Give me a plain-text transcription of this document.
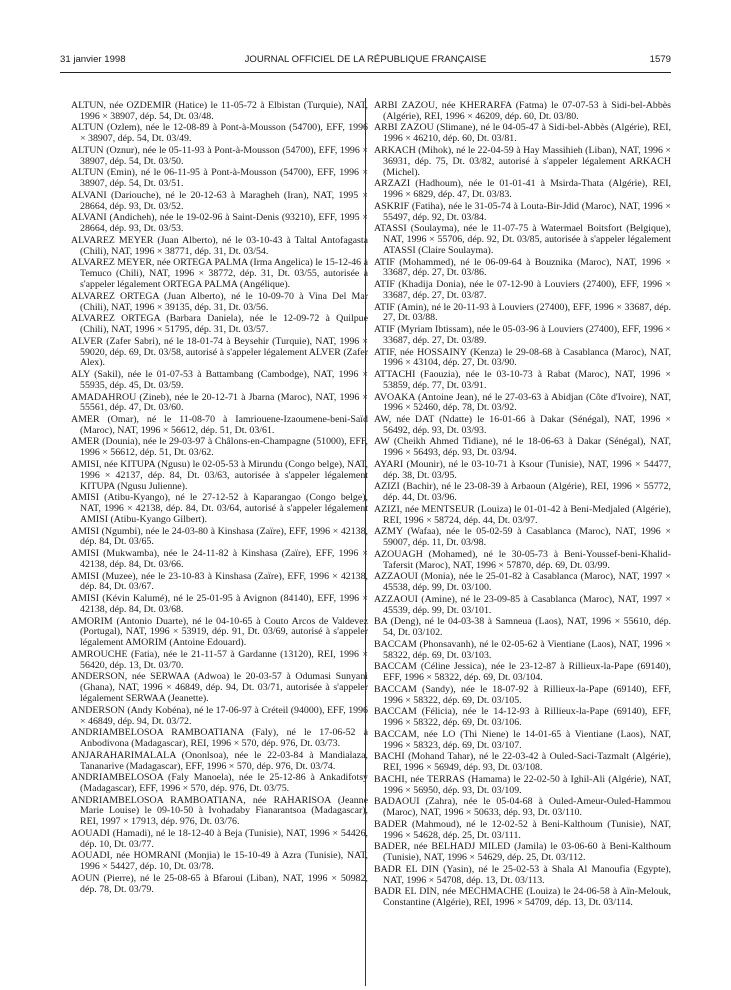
31 janvier 1998	JOURNAL OFFICIEL DE LA RÉPUBLIQUE FRANÇAISE	1579

ALTUN, née OZDEMIR (Hatice) le 11-05-72 à Elbistan (Turquie), NAT, 1996 × 38907, dép. 54, Dt. 03/48.

ALTUN (Ozlem), née le 12-08-89 à Pont-à-Mousson (54700), EFF, 1996 × 38907, dép. 54, Dt. 03/49.

ALTUN (Oznur), née le 05-11-93 à Pont-à-Mousson (54700), EFF, 1996 × 38907, dép. 54, Dt. 03/50.

ALTUN (Emin), né le 06-11-95 à Pont-à-Mousson (54700), EFF, 1996 × 38907, dép. 54, Dt. 03/51.

ALVANI (Dariouche), né le 20-12-63 à Maragheh (Iran), NAT, 1995 × 28664, dép. 93, Dt. 03/52.

ALVANI (Andicheh), née le 19-02-96 à Saint-Denis (93210), EFF, 1995 × 28664, dép. 93, Dt. 03/53.

ALVAREZ MEYER (Juan Alberto), né le 03-10-43 à Taltal Antofagasta (Chili), NAT, 1996 × 38771, dép. 31, Dt. 03/54.

ALVAREZ MEYER, née ORTEGA PALMA (Irma Angelica) le 15-12-46 à Temuco (Chili), NAT, 1996 × 38772, dép. 31, Dt. 03/55, autorisée à s'appeler légalement ORTEGA PALMA (Angélique).

ALVAREZ ORTEGA (Juan Alberto), né le 10-09-70 à Vina Del Mar (Chili), NAT, 1996 × 39135, dép. 31, Dt. 03/56.

ALVAREZ ORTEGA (Barbara Daniela), née le 12-09-72 à Quilpue (Chili), NAT, 1996 × 51795, dép. 31, Dt. 03/57.

ALVER (Zafer Sabri), né le 18-01-74 à Beysehir (Turquie), NAT, 1996 × 59020, dép. 69, Dt. 03/58, autorisé à s'appeler légalement ALVER (Zafer Alex).

ALY (Sakil), née le 01-07-53 à Battambang (Cambodge), NAT, 1996 × 55935, dép. 45, Dt. 03/59.

AMADAHROU (Zineb), née le 20-12-71 à Jbarna (Maroc), NAT, 1996 × 55561, dép. 47, Dt. 03/60.

AMER (Omar), né le 11-08-70 à Iamriouene-Izaoumene-beni-Saïd (Maroc), NAT, 1996 × 56612, dép. 51, Dt. 03/61.

AMER (Dounia), née le 29-03-97 à Châlons-en-Champagne (51000), EFF, 1996 × 56612, dép. 51, Dt. 03/62.

AMISI, née KITUPA (Ngusu) le 02-05-53 à Mirundu (Congo belge), NAT, 1996 × 42137, dép. 84, Dt. 03/63, autorisée à s'appeler légalement KITUPA (Ngusu Julienne).

AMISI (Atibu-Kyango), né le 27-12-52 à Kaparangao (Congo belge), NAT, 1996 × 42138, dép. 84, Dt. 03/64, autorisé à s'appeler légalement AMISI (Atibu-Kyango Gilbert).

AMISI (Ngumbi), née le 24-03-80 à Kinshasa (Zaïre), EFF, 1996 × 42138, dép. 84, Dt. 03/65.

AMISI (Mukwamba), née le 24-11-82 à Kinshasa (Zaïre), EFF, 1996 × 42138, dép. 84, Dt. 03/66.

AMISI (Muzee), née le 23-10-83 à Kinshasa (Zaïre), EFF, 1996 × 42138, dép. 84, Dt. 03/67.

AMISI (Kévin Kalumé), né le 25-01-95 à Avignon (84140), EFF, 1996 × 42138, dép. 84, Dt. 03/68.

AMORIM (Antonio Duarte), né le 04-10-65 à Couto Arcos de Valdevez (Portugal), NAT, 1996 × 53919, dép. 91, Dt. 03/69, autorisé à s'appeler légalement AMORIM (Antoine Edouard).

AMROUCHE (Fatia), née le 21-11-57 à Gardanne (13120), REI, 1996 × 56420, dép. 13, Dt. 03/70.

ANDERSON, née SERWAA (Adwoa) le 20-03-57 à Odumasi Sunyani (Ghana), NAT, 1996 × 46849, dép. 94, Dt. 03/71, autorisée à s'appeler légalement SERWAA (Jeanette).

ANDERSON (Andy Kobéna), né le 17-06-97 à Créteil (94000), EFF, 1996 × 46849, dép. 94, Dt. 03/72.

ANDRIAMBELOSOA RAMBOATIANA (Faly), né le 17-06-52 à Anbodivona (Madagascar), REI, 1996 × 570, dép. 976, Dt. 03/73.

ANJARAHARIMALALA (Ononlsoa), née le 22-03-84 à Mandialaza, Tananarive (Madagascar), EFF, 1996 × 570, dép. 976, Dt. 03/74.

ANDRIAMBELOSOA (Faly Manoela), née le 25-12-86 à Ankadifotsy (Madagascar), EFF, 1996 × 570, dép. 976, Dt. 03/75.

ANDRIAMBELOSOA RAMBOATIANA, née RAHARISOA (Jeanne Marie Louise) le 09-10-50 à Ivohadaby Fianarantsoa (Madagascar), REI, 1997 × 17913, dép. 976, Dt. 03/76.

AOUADI (Hamadi), né le 18-12-40 à Beja (Tunisie), NAT, 1996 × 54426, dép. 10, Dt. 03/77.

AOUADI, née HOMRANI (Monjia) le 15-10-49 à Azra (Tunisie), NAT, 1996 × 54427, dép. 10, Dt. 03/78.

AOUN (Pierre), né le 25-08-65 à Bfaroui (Liban), NAT, 1996 × 50982, dép. 78, Dt. 03/79.

ARBI ZAZOU, née KHERARFA (Fatma) le 07-07-53 à Sidi-bel-Abbès (Algérie), REI, 1996 × 46209, dép. 60, Dt. 03/80.

ARBI ZAZOU (Slimane), né le 04-05-47 à Sidi-bel-Abbès (Algérie), REI, 1996 × 46210, dép. 60, Dt. 03/81.

ARKACH (Mihok), né le 22-04-59 à Hay Massihieh (Liban), NAT, 1996 × 36931, dép. 75, Dt. 03/82, autorisé à s'appeler légalement ARKACH (Michel).

ARZAZI (Hadhoum), née le 01-01-41 à Msirda-Thata (Algérie), REI, 1996 × 6829, dép. 47, Dt. 03/83.

ASKRIF (Fatiha), née le 31-05-74 à Louta-Bir-Jdid (Maroc), NAT, 1996 × 55497, dép. 92, Dt. 03/84.

ATASSI (Soulayma), née le 11-07-75 à Watermael Boitsfort (Belgique), NAT, 1996 × 55706, dép. 92, Dt. 03/85, autorisée à s'appeler légalement ATASSI (Claire Soulayma).

ATIF (Mohammed), né le 06-09-64 à Bouznika (Maroc), NAT, 1996 × 33687, dép. 27, Dt. 03/86.

ATIF (Khadija Donia), née le 07-12-90 à Louviers (27400), EFF, 1996 × 33687, dép. 27, Dt. 03/87.

ATIF (Amin), né le 20-11-93 à Louviers (27400), EFF, 1996 × 33687, dép. 27, Dt. 03/88.

ATIF (Myriam Ibtissam), née le 05-03-96 à Louviers (27400), EFF, 1996 × 33687, dép. 27, Dt. 03/89.

ATIF, née HOSSAINY (Kenza) le 29-08-68 à Casablanca (Maroc), NAT, 1996 × 43104, dép. 27, Dt. 03/90.

ATTACHI (Faouzia), née le 03-10-73 à Rabat (Maroc), NAT, 1996 × 53859, dép. 77, Dt. 03/91.

AVOAKA (Antoine Jean), né le 27-03-63 à Abidjan (Côte d'Ivoire), NAT, 1996 × 52460, dép. 78, Dt. 03/92.

AW, née DAT (Ndatte) le 16-01-66 à Dakar (Sénégal), NAT, 1996 × 56492, dép. 93, Dt. 03/93.

AW (Cheikh Ahmed Tidiane), né le 18-06-63 à Dakar (Sénégal), NAT, 1996 × 56493, dép. 93, Dt. 03/94.

AYARI (Mounir), né le 03-10-71 à Ksour (Tunisie), NAT, 1996 × 54477, dép. 38, Dt. 03/95.

AZIZI (Bachir), né le 23-08-39 à Arbaoun (Algérie), REI, 1996 × 55772, dép. 44, Dt. 03/96.

AZIZI, née MENTSEUR (Louiza) le 01-01-42 à Beni-Medjaled (Algérie), REI, 1996 × 58724, dép. 44, Dt. 03/97.

AZMY (Wafaa), née le 05-02-59 à Casablanca (Maroc), NAT, 1996 × 59007, dép. 11, Dt. 03/98.

AZOUAGH (Mohamed), né le 30-05-73 à Beni-Youssef-beni-Khalid-Tafersit (Maroc), NAT, 1996 × 57870, dép. 69, Dt. 03/99.

AZZAOUI (Monia), née le 25-01-82 à Casablanca (Maroc), NAT, 1997 × 45538, dép. 99, Dt. 03/100.

AZZAOUI (Amine), né le 23-09-85 à Casablanca (Maroc), NAT, 1997 × 45539, dép. 99, Dt. 03/101.

BA (Deng), né le 04-03-38 à Samneua (Laos), NAT, 1996 × 55610, dép. 54, Dt. 03/102.

BACCAM (Phonsavanh), né le 02-05-62 à Vientiane (Laos), NAT, 1996 × 58322, dép. 69, Dt. 03/103.

BACCAM (Céline Jessica), née le 23-12-87 à Rillieux-la-Pape (69140), EFF, 1996 × 58322, dép. 69, Dt. 03/104.

BACCAM (Sandy), née le 18-07-92 à Rillieux-la-Pape (69140), EFF, 1996 × 58322, dép. 69, Dt. 03/105.

BACCAM (Félicia), née le 14-12-93 à Rillieux-la-Pape (69140), EFF, 1996 × 58322, dép. 69, Dt. 03/106.

BACCAM, née LO (Thi Niene) le 14-01-65 à Vientiane (Laos), NAT, 1996 × 58323, dép. 69, Dt. 03/107.

BACHI (Mohand Tahar), né le 22-03-42 à Ouled-Saci-Tazmalt (Algérie), REI, 1996 × 56949, dép. 93, Dt. 03/108.

BACHI, née TERRAS (Hamama) le 22-02-50 à Ighil-Ali (Algérie), NAT, 1996 × 56950, dép. 93, Dt. 03/109.

BADAOUI (Zahra), née le 05-04-68 à Ouled-Ameur-Ouled-Hammou (Maroc), NAT, 1996 × 50633, dép. 93, Dt. 03/110.

BADER (Mahmoud), né le 12-02-52 à Beni-Kalthoum (Tunisie), NAT, 1996 × 54628, dép. 25, Dt. 03/111.

BADER, née BELHADJ MILED (Jamila) le 03-06-60 à Beni-Kalthoum (Tunisie), NAT, 1996 × 54629, dép. 25, Dt. 03/112.

BADR EL DIN (Yasin), né le 25-02-53 à Shala Al Manoufia (Egypte), NAT, 1996 × 54708, dép. 13, Dt. 03/113.

BADR EL DIN, née MECHMACHE (Louiza) le 24-06-58 à Aïn-Melouk, Constantine (Algérie), REI, 1996 × 54709, dép. 13, Dt. 03/114.
